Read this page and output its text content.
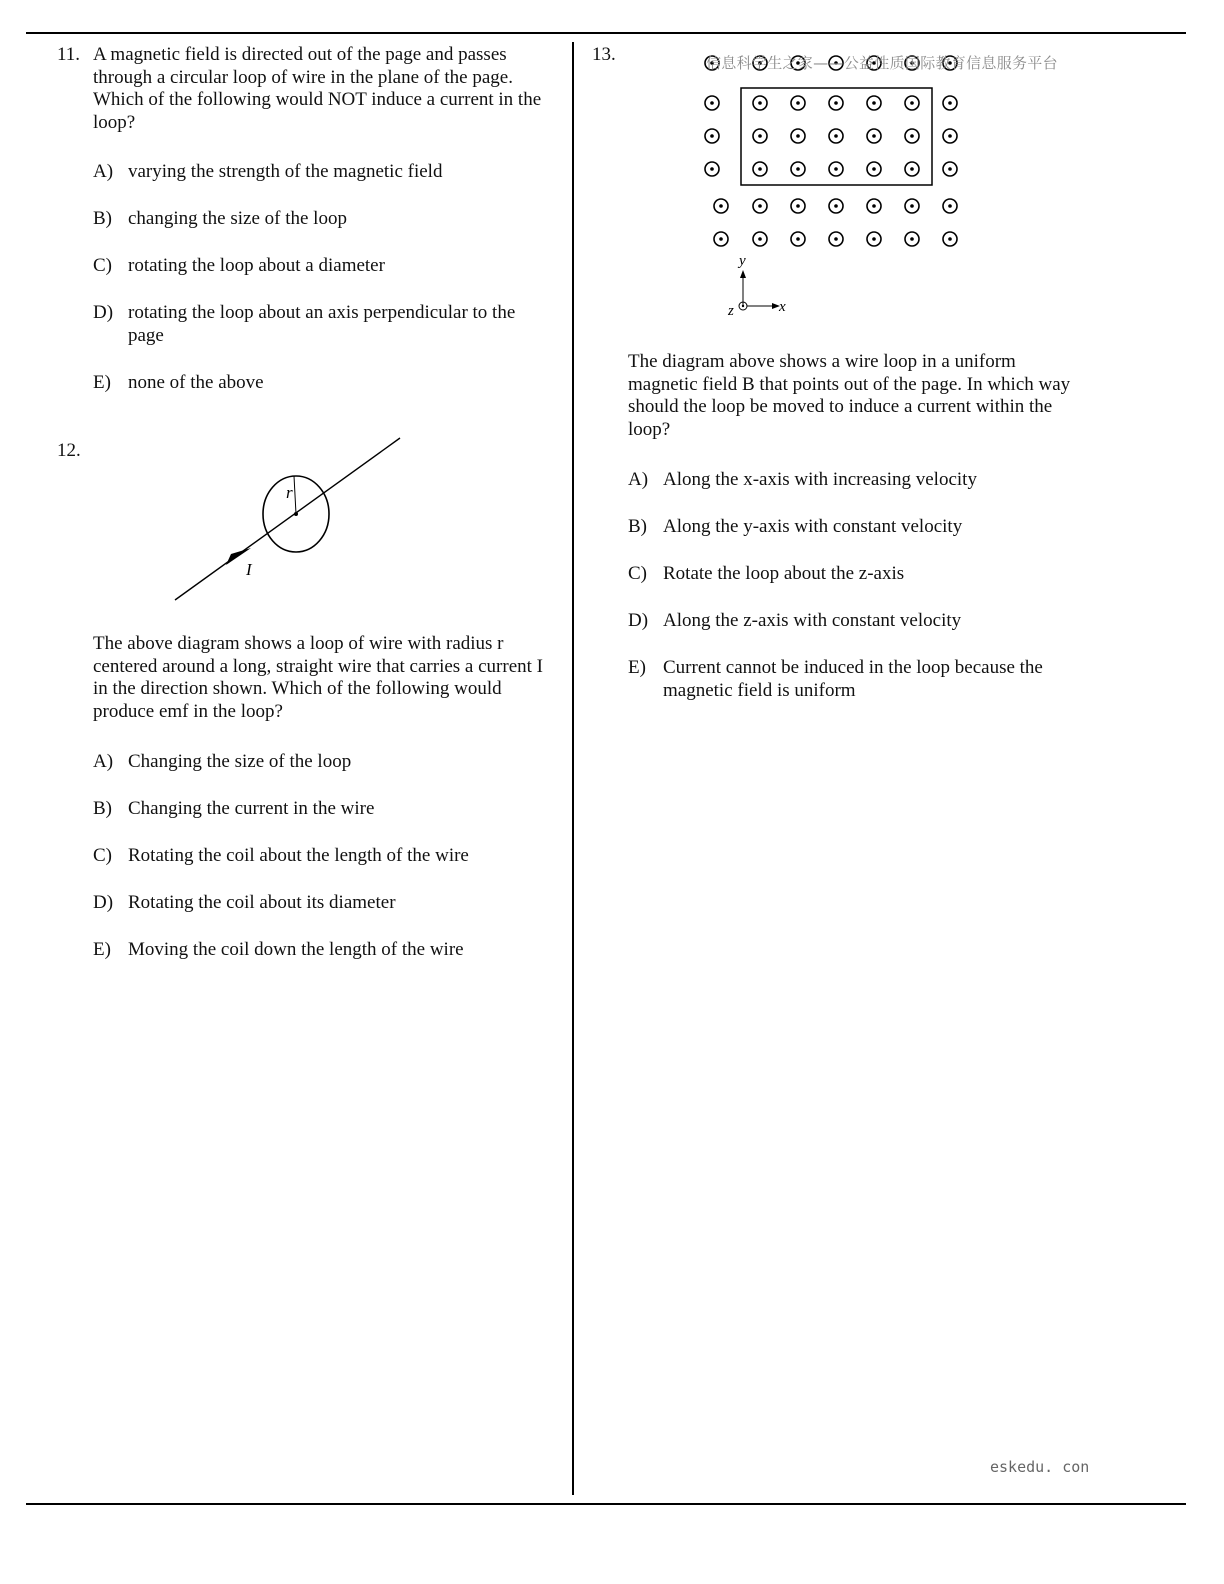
11. A magnetic field is directed out of the page and passes through a circular loop of wire in the plane of the page. Which of the following would NOT induce a current in the loop?

A) varying the strength of the magnetic field
B) changing the size of the loop
C) rotating the loop about a diameter
D) rotating the loop about an axis perpendicular to the page
E) none of the above
12.
r
I

The above diagram shows a loop of wire with radius r centered around a long, straight wire that carries a current I in the direction shown. Which of the following would produce emf in the loop?

A) Changing the size of the loop
B) Changing the current in the wire
C) Rotating the coil about the length of the wire
D) Rotating the coil about its diameter
E) Moving the coil down the length of the wire
13.
y
x
z

The diagram above shows a wire loop in a uniform magnetic field B that points out of the page. In which way should the loop be moved to induce a current within the loop?

A) Along the x-axis with increasing velocity
B) Along the y-axis with constant velocity
C) Rotate the loop about the z-axis
D) Along the z-axis with constant velocity
E) Current cannot be induced in the loop because the magnetic field is uniform
信息科学生之家——公益性质国际教育信息服务平台
eskedu. con
